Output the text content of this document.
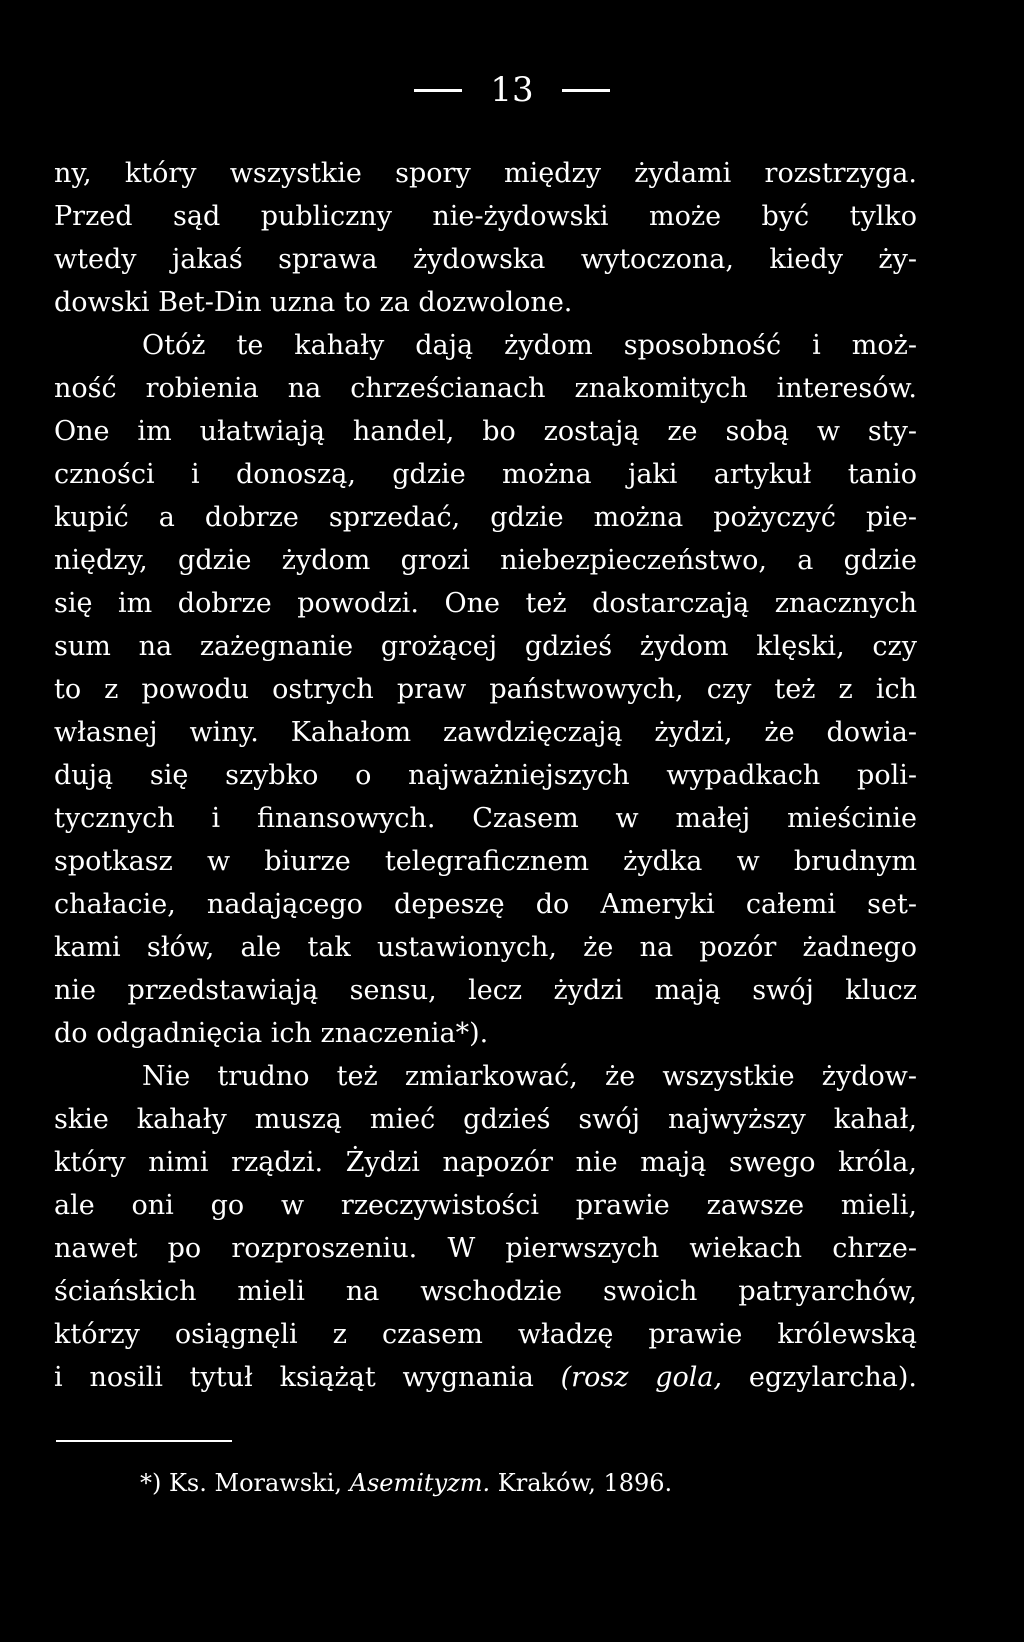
13
ny, który wszystkie spory między żydami rozstrzyga.
Przed sąd publiczny nie-żydowski może być tylko
wtedy jakaś sprawa żydowska wytoczona, kiedy ży-
dowski Bet-Din uzna to za dozwolone.
Otóż te kahały dają żydom sposobność i moż-
ność robienia na chrześcianach znakomitych interesów.
One im ułatwiają handel, bo zostają ze sobą w sty-
czności i donoszą, gdzie można jaki artykuł tanio
kupić a dobrze sprzedać, gdzie można pożyczyć pie-
niędzy, gdzie żydom grozi niebezpieczeństwo, a gdzie
się im dobrze powodzi. One też dostarczają znacznych
sum na zażegnanie grożącej gdzieś żydom klęski, czy
to z powodu ostrych praw państwowych, czy też z ich
własnej winy. Kahałom zawdzięczają żydzi, że dowia-
dują się szybko o najważniejszych wypadkach poli-
tycznych i finansowych. Czasem w małej mieścinie
spotkasz w biurze telegraficznem żydka w brudnym
chałacie, nadającego depeszę do Ameryki całemi set-
kami słów, ale tak ustawionych, że na pozór żadnego
nie przedstawiają sensu, lecz żydzi mają swój klucz
do odgadnięcia ich znaczenia*).
Nie trudno też zmiarkować, że wszystkie żydow-
skie kahały muszą mieć gdzieś swój najwyższy kahał,
który nimi rządzi. Żydzi napozór nie mają swego króla,
ale oni go w rzeczywistości prawie zawsze mieli,
nawet po rozproszeniu. W pierwszych wiekach chrze-
ściańskich mieli na wschodzie swoich patryarchów,
którzy osiągnęli z czasem władzę prawie królewską
i nosili tytuł książąt wygnania (rosz gola, egzylarcha).
*) Ks. Morawski, Asemityzm. Kraków, 1896.
